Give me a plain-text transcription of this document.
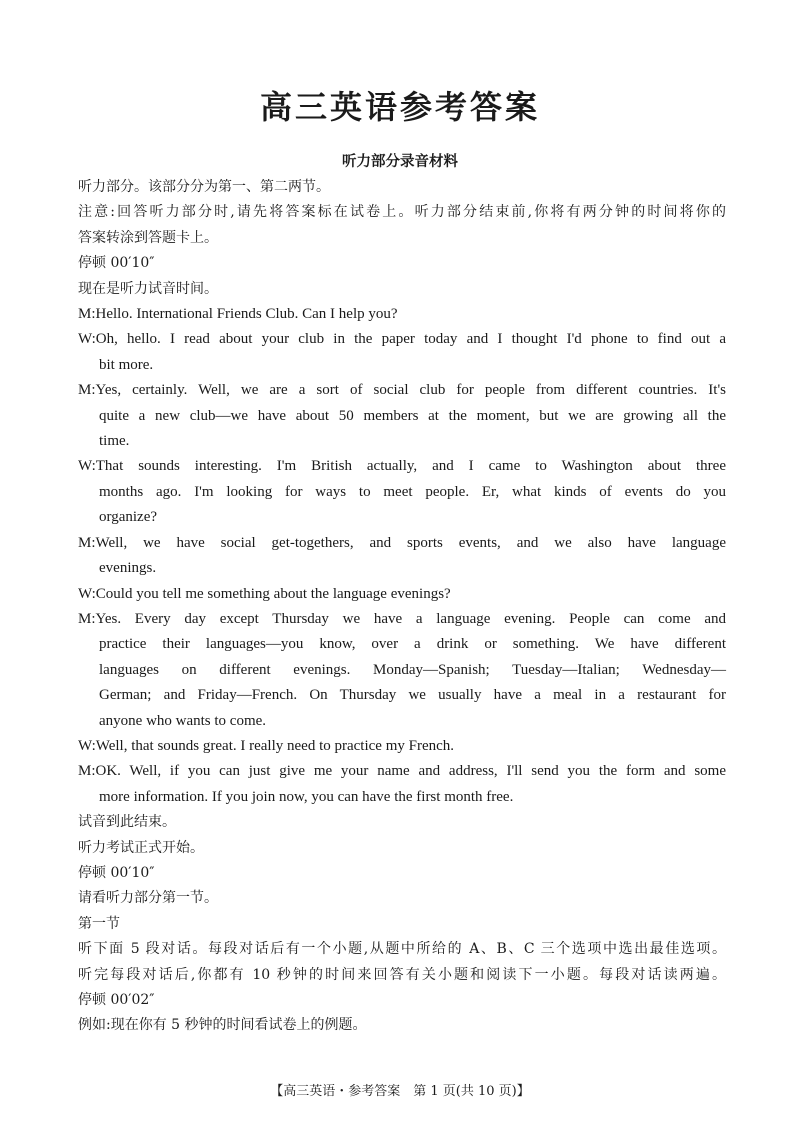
高三英语参考答案
听力部分录音材料

听力部分。该部分分为第一、第二两节。

注意:回答听力部分时,请先将答案标在试卷上。听力部分结束前,你将有两分钟的时间将你的

答案转涂到答题卡上。

停顿 00′10″

现在是听力试音时间。

M:Hello. International Friends Club. Can I help you?

W:Oh, hello. I read about your club in the paper today and I thought I'd phone to find out a

bit more.

M:Yes, certainly. Well, we are a sort of social club for people from different countries. It's

quite a new club—we have about 50 members at the moment, but we are growing all the

time.

W:That sounds interesting. I'm British actually, and I came to Washington about three

months ago. I'm looking for ways to meet people. Er, what kinds of events do you

organize?

M:Well, we have social get-togethers, and sports events, and we also have language

evenings.

W:Could you tell me something about the language evenings?

M:Yes. Every day except Thursday we have a language evening. People can come and

practice their languages—you know, over a drink or something. We have different

languages on different evenings. Monday—Spanish; Tuesday—Italian; Wednesday—

German; and Friday—French. On Thursday we usually have a meal in a restaurant for

anyone who wants to come.

W:Well, that sounds great. I really need to practice my French.

M:OK. Well, if you can just give me your name and address, I'll send you the form and some

more information. If you join now, you can have the first month free.

试音到此结束。

听力考试正式开始。

停顿 00′10″

请看听力部分第一节。

第一节

听下面 5 段对话。每段对话后有一个小题,从题中所给的 A、B、C 三个选项中选出最佳选项。

听完每段对话后,你都有 10 秒钟的时间来回答有关小题和阅读下一小题。每段对话读两遍。

停顿 00′02″

例如:现在你有 5 秒钟的时间看试卷上的例题。

【高三英语・参考答案　第 1 页(共 10 页)】
